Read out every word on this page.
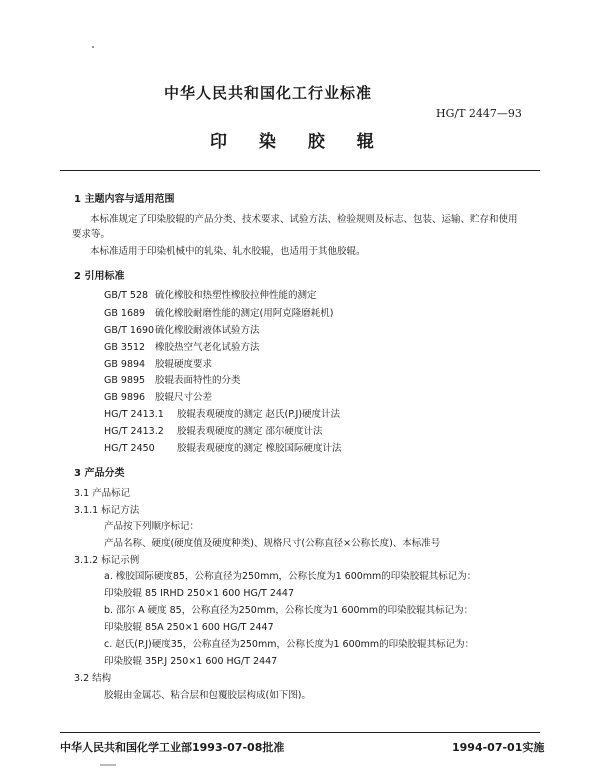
中华人民共和国化工行业标准
HG/T 2447—93
印 染 胶 辊
1 主题内容与适用范围
本标准规定了印染胶辊的产品分类、技术要求、试验方法、检验规则及标志、包装、运输、贮存和使用
要求等。
本标准适用于印染机械中的轧染、轧水胶辊，也适用于其他胶辊。
2 引用标准
GB/T 528 硫化橡胶和热塑性橡胶拉伸性能的测定
GB 1689 硫化橡胶耐磨性能的测定(用阿克隆磨耗机)
GB/T 1690 硫化橡胶耐液体试验方法
GB 3512 橡胶热空气老化试验方法
GB 9894 胶辊硬度要求
GB 9895 胶辊表面特性的分类
GB 9896 胶辊尺寸公差
HG/T 2413.1 胶辊表观硬度的测定 赵氏(P.J)硬度计法
HG/T 2413.2 胶辊表观硬度的测定 邵尔硬度计法
HG/T 2450 胶辊表观硬度的测定 橡胶国际硬度计法
3 产品分类
3.1 产品标记
3.1.1 标记方法
产品按下列顺序标记：
产品名称、硬度(硬度值及硬度种类)、规格尺寸(公称直径×公称长度)、本标准号
3.1.2 标记示例
a. 橡胶国际硬度85，公称直径为250mm，公称长度为1 600mm的印染胶辊其标记为：
印染胶辊 85 IRHD 250×1 600 HG/T 2447
b. 邵尔 A 硬度 85，公称直径为250mm，公称长度为1 600mm的印染胶辊其标记为：
印染胶辊 85A 250×1 600 HG/T 2447
c. 赵氏(P.J)硬度35，公称直径为250mm，公称长度为1 600mm的印染胶辊其标记为：
印染胶辊 35P.J 250×1 600 HG/T 2447
3.2 结构
胶辊由金属芯、粘合层和包覆胶层构成(如下图)。
中华人民共和国化学工业部1993-07-08批准	1994-07-01实施
